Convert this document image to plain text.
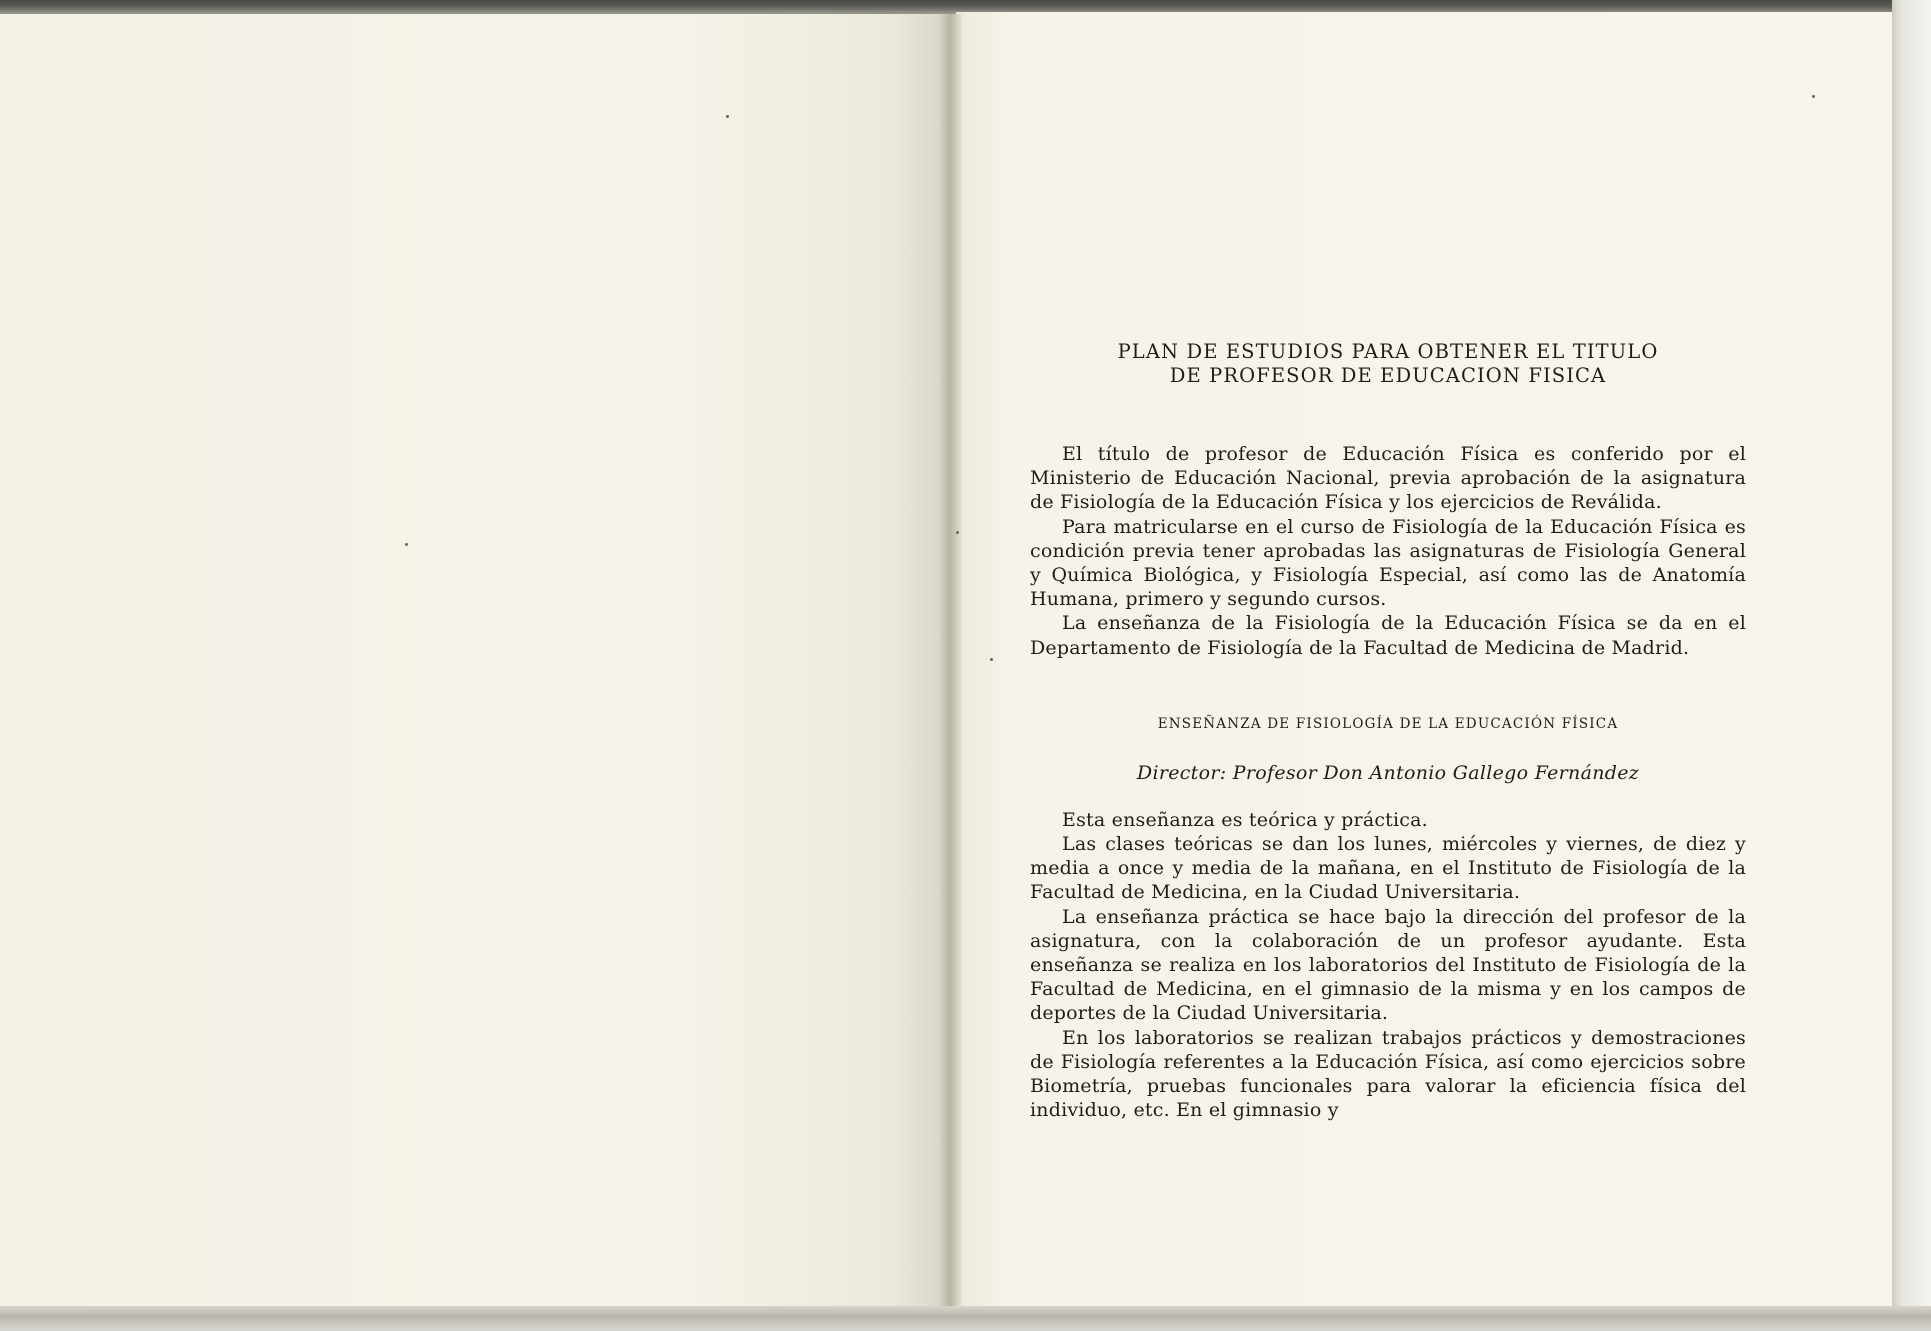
PLAN DE ESTUDIOS PARA OBTENER EL TITULO
DE PROFESOR DE EDUCACION FISICA

El título de profesor de Educación Física es conferido por el Ministerio de Educación Nacional, previa aprobación de la asignatura de Fisiología de la Educación Física y los ejercicios de Reválida.

Para matricularse en el curso de Fisiología de la Educación Física es condición previa tener aprobadas las asignaturas de Fisiología General y Química Biológica, y Fisiología Especial, así como las de Anatomía Humana, primero y segundo cursos.

La enseñanza de la Fisiología de la Educación Física se da en el Departamento de Fisiología de la Facultad de Medicina de Madrid.

ENSEÑANZA DE FISIOLOGÍA DE LA EDUCACIÓN FÍSICA

Director: Profesor Don Antonio Gallego Fernández

Esta enseñanza es teórica y práctica.

Las clases teóricas se dan los lunes, miércoles y viernes, de diez y media a once y media de la mañana, en el Instituto de Fisiología de la Facultad de Medicina, en la Ciudad Universitaria.

La enseñanza práctica se hace bajo la dirección del profesor de la asignatura, con la colaboración de un profesor ayudante. Esta enseñanza se realiza en los laboratorios del Instituto de Fisiología de la Facultad de Medicina, en el gimnasio de la misma y en los campos de deportes de la Ciudad Universitaria.

En los laboratorios se realizan trabajos prácticos y demostraciones de Fisiología referentes a la Educación Física, así como ejercicios sobre Biometría, pruebas funcionales para valorar la eficiencia física del individuo, etc. En el gimnasio y
